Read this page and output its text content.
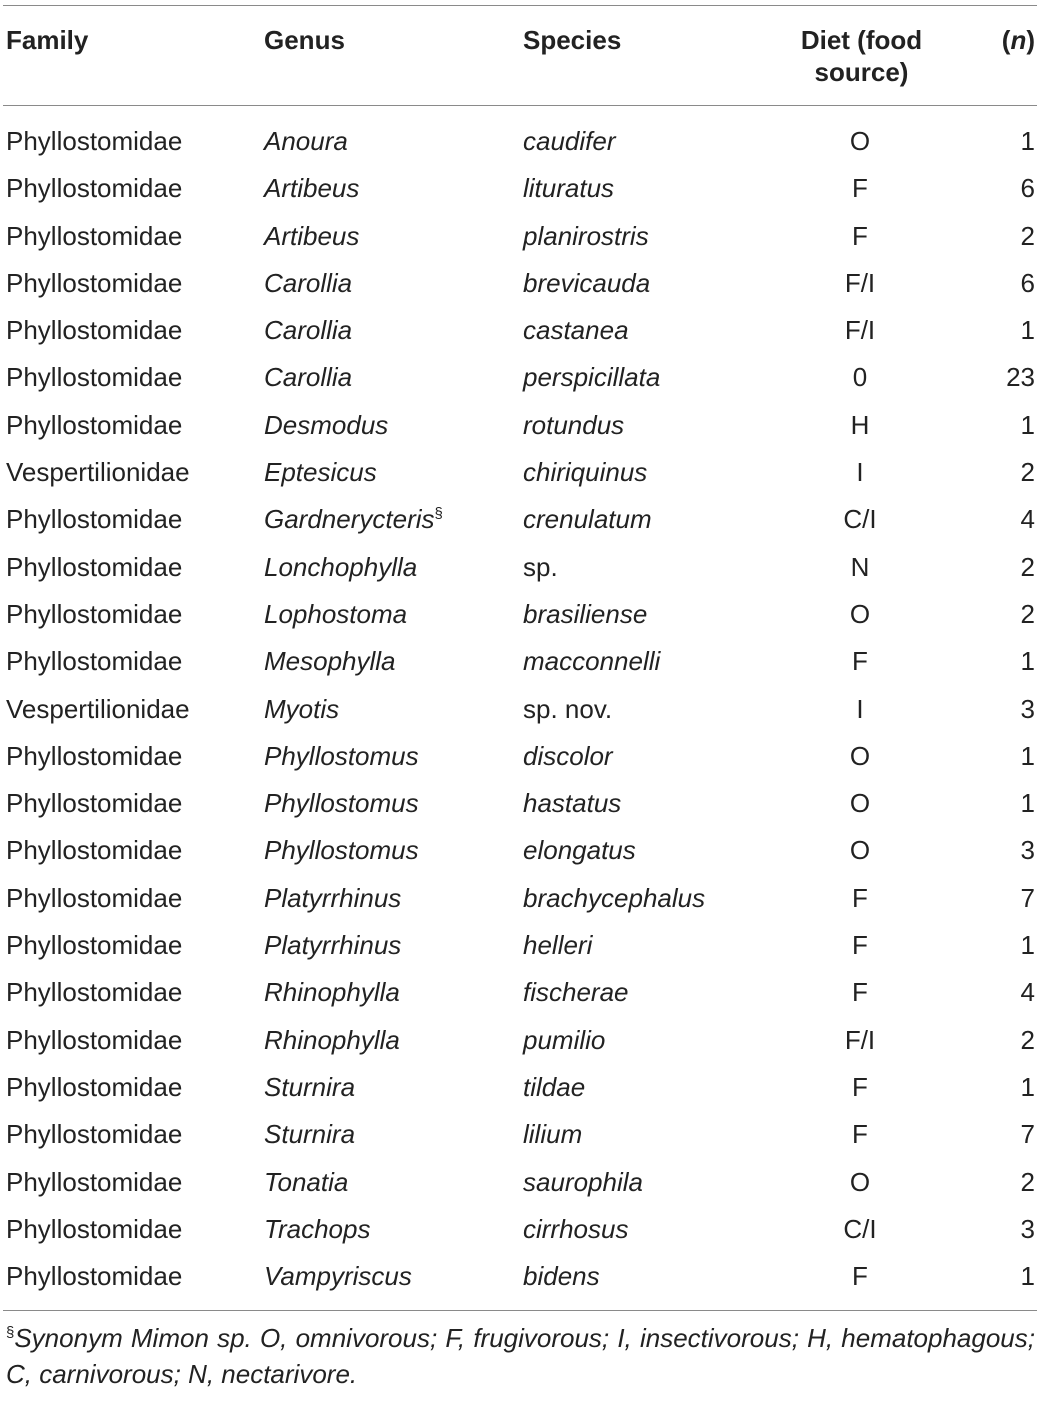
Family	Genus	Species	Diet (food
source)	(n)
Phyllostomidae	Anoura	caudifer	O	1
Phyllostomidae	Artibeus	lituratus	F	6
Phyllostomidae	Artibeus	planirostris	F	2
Phyllostomidae	Carollia	brevicauda	F/I	6
Phyllostomidae	Carollia	castanea	F/I	1
Phyllostomidae	Carollia	perspicillata	0	23
Phyllostomidae	Desmodus	rotundus	H	1
Vespertilionidae	Eptesicus	chiriquinus	I	2
Phyllostomidae	Gardnerycteris§	crenulatum	C/I	4
Phyllostomidae	Lonchophylla	sp.	N	2
Phyllostomidae	Lophostoma	brasiliense	O	2
Phyllostomidae	Mesophylla	macconnelli	F	1
Vespertilionidae	Myotis	sp. nov.	I	3
Phyllostomidae	Phyllostomus	discolor	O	1
Phyllostomidae	Phyllostomus	hastatus	O	1
Phyllostomidae	Phyllostomus	elongatus	O	3
Phyllostomidae	Platyrrhinus	brachycephalus	F	7
Phyllostomidae	Platyrrhinus	helleri	F	1
Phyllostomidae	Rhinophylla	fischerae	F	4
Phyllostomidae	Rhinophylla	pumilio	F/I	2
Phyllostomidae	Sturnira	tildae	F	1
Phyllostomidae	Sturnira	lilium	F	7
Phyllostomidae	Tonatia	saurophila	O	2
Phyllostomidae	Trachops	cirrhosus	C/I	3
Phyllostomidae	Vampyriscus	bidens	F	1
§Synonym Mimon sp. O, omnivorous; F, frugivorous; I, insectivorous; H, hematophagous; C, carnivorous; N, nectarivore.
